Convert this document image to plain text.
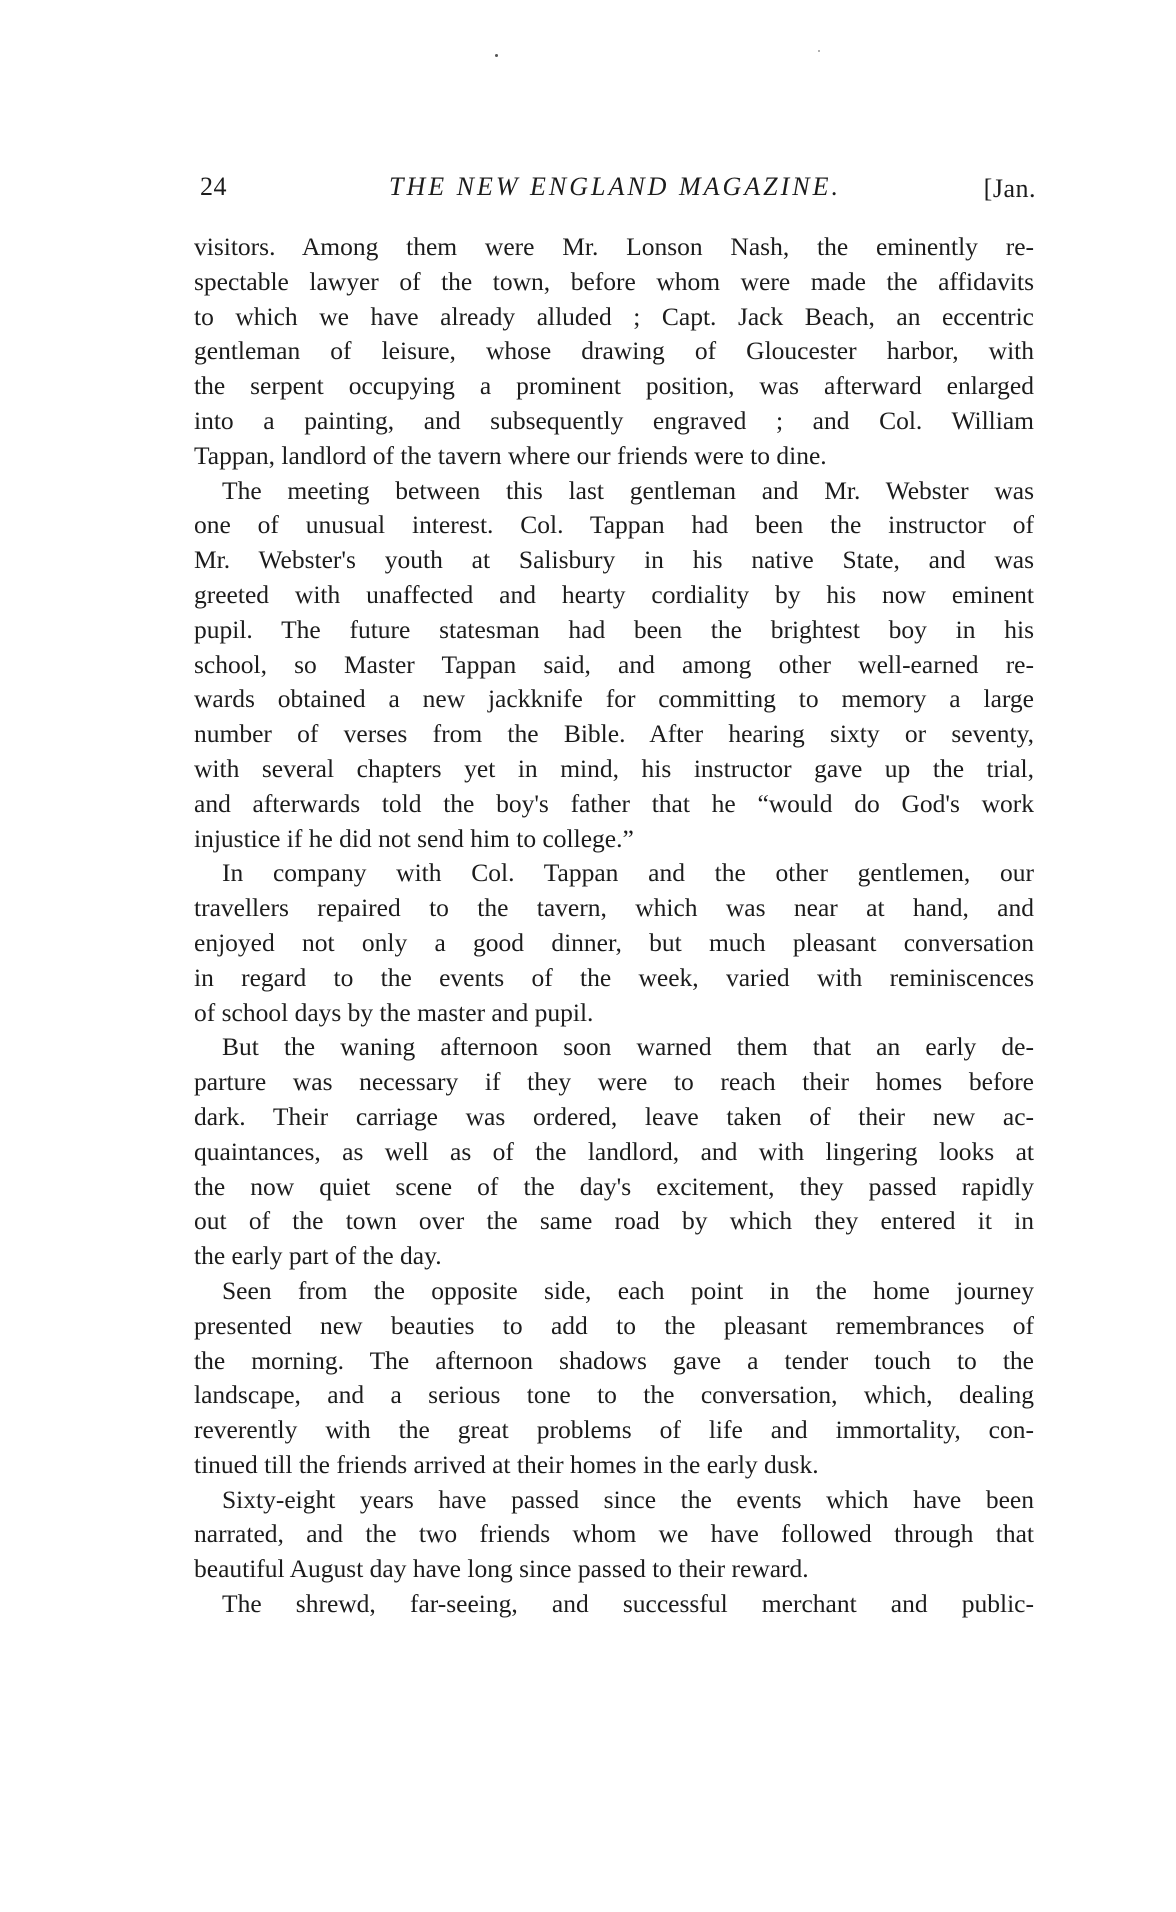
24	THE NEW ENGLAND MAGAZINE.	[Jan.
visitors. Among them were Mr. Lonson Nash, the eminently re-
spectable lawyer of the town, before whom were made the affidavits
to which we have already alluded ; Capt. Jack Beach, an eccentric
gentleman of leisure, whose drawing of Gloucester harbor, with
the serpent occupying a prominent position, was afterward enlarged
into a painting, and subsequently engraved ; and Col. William
Tappan, landlord of the tavern where our friends were to dine.
The meeting between this last gentleman and Mr. Webster was
one of unusual interest. Col. Tappan had been the instructor of
Mr. Webster's youth at Salisbury in his native State, and was
greeted with unaffected and hearty cordiality by his now eminent
pupil. The future statesman had been the brightest boy in his
school, so Master Tappan said, and among other well-earned re-
wards obtained a new jackknife for committing to memory a large
number of verses from the Bible. After hearing sixty or seventy,
with several chapters yet in mind, his instructor gave up the trial,
and afterwards told the boy's father that he “would do God's work
injustice if he did not send him to college.”
In company with Col. Tappan and the other gentlemen, our
travellers repaired to the tavern, which was near at hand, and
enjoyed not only a good dinner, but much pleasant conversation
in regard to the events of the week, varied with reminiscences
of school days by the master and pupil.
But the waning afternoon soon warned them that an early de-
parture was necessary if they were to reach their homes before
dark. Their carriage was ordered, leave taken of their new ac-
quaintances, as well as of the landlord, and with lingering looks at
the now quiet scene of the day's excitement, they passed rapidly
out of the town over the same road by which they entered it in
the early part of the day.
Seen from the opposite side, each point in the home journey
presented new beauties to add to the pleasant remembrances of
the morning. The afternoon shadows gave a tender touch to the
landscape, and a serious tone to the conversation, which, dealing
reverently with the great problems of life and immortality, con-
tinued till the friends arrived at their homes in the early dusk.
Sixty-eight years have passed since the events which have been
narrated, and the two friends whom we have followed through that
beautiful August day have long since passed to their reward.
The shrewd, far-seeing, and successful merchant and public-
